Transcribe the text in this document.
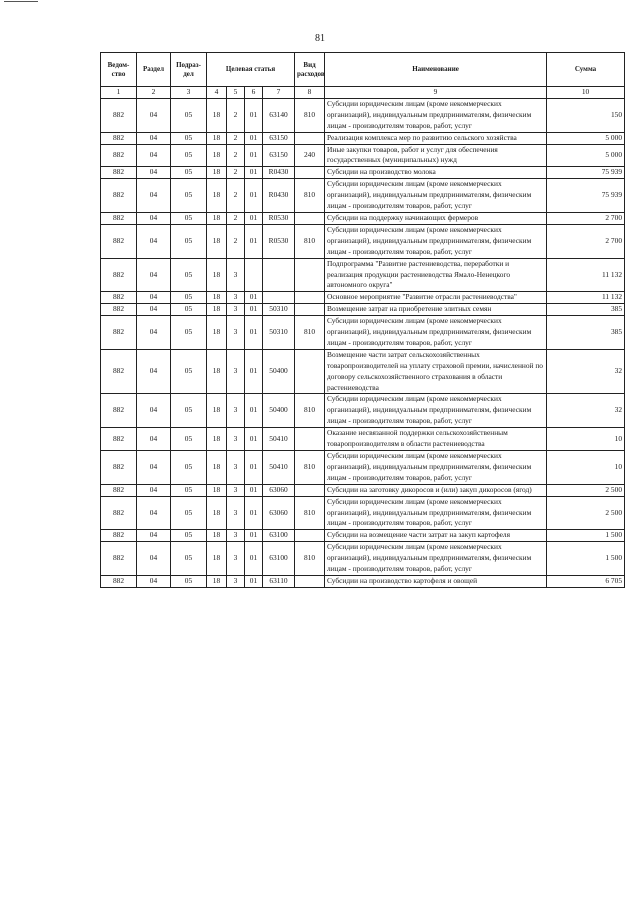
81
Ведом-ство	Раздел	Подраз-дел	Целевая статья				Вид расходов	Наименование	Сумма
1	2	3	4	5	6	7	8	9	10
882	04	05	18	2	01	63140	810	Субсидии юридическим лицам (кроме некоммерческих организаций), индивидуальным предпринимателям, физическим лицам - производителям товаров, работ, услуг	150
882	04	05	18	2	01	63150		Реализация комплекса мер по развитию сельского хозяйства	5 000
882	04	05	18	2	01	63150	240	Иные закупки товаров, работ и услуг для обеспечения государственных (муниципальных) нужд	5 000
882	04	05	18	2	01	R0430		Субсидии на производство молока	75 939
882	04	05	18	2	01	R0430	810	Субсидии юридическим лицам (кроме некоммерческих организаций), индивидуальным предпринимателям, физическим лицам - производителям товаров, работ, услуг	75 939
882	04	05	18	2	01	R0530		Субсидии на поддержку начинающих фермеров	2 700
882	04	05	18	2	01	R0530	810	Субсидии юридическим лицам (кроме некоммерческих организаций), индивидуальным предпринимателям, физическим лицам - производителям товаров, работ, услуг	2 700
882	04	05	18	3				Подпрограмма "Развитие растениеводства, переработки и реализация продукции растениеводства Ямало-Ненецкого автономного округа"	11 132
882	04	05	18	3	01			Основное мероприятие "Развитие отрасли растениеводства"	11 132
882	04	05	18	3	01	50310		Возмещение затрат на приобретение элитных семян	385
882	04	05	18	3	01	50310	810	Субсидии юридическим лицам (кроме некоммерческих организаций), индивидуальным предпринимателям, физическим лицам - производителям товаров, работ, услуг	385
882	04	05	18	3	01	50400		Возмещение части затрат сельскохозяйственных товаропроизводителей на уплату страховой премии, начисленной по договору сельскохозяйственного страхования в области растениеводства	32
882	04	05	18	3	01	50400	810	Субсидии юридическим лицам (кроме некоммерческих организаций), индивидуальным предпринимателям, физическим лицам - производителям товаров, работ, услуг	32
882	04	05	18	3	01	50410		Оказание несвязанной поддержки сельскохозяйственным товаропроизводителям в области растениеводства	10
882	04	05	18	3	01	50410	810	Субсидии юридическим лицам (кроме некоммерческих организаций), индивидуальным предпринимателям, физическим лицам - производителям товаров, работ, услуг	10
882	04	05	18	3	01	63060		Субсидии на заготовку дикоросов и (или) закуп дикоросов (ягод)	2 500
882	04	05	18	3	01	63060	810	Субсидии юридическим лицам (кроме некоммерческих организаций), индивидуальным предпринимателям, физическим лицам - производителям товаров, работ, услуг	2 500
882	04	05	18	3	01	63100		Субсидии на возмещение части затрат на закуп картофеля	1 500
882	04	05	18	3	01	63100	810	Субсидии юридическим лицам (кроме некоммерческих организаций), индивидуальным предпринимателям, физическим лицам - производителям товаров, работ, услуг	1 500
882	04	05	18	3	01	63110		Субсидии на производство картофеля и овощей	6 705
